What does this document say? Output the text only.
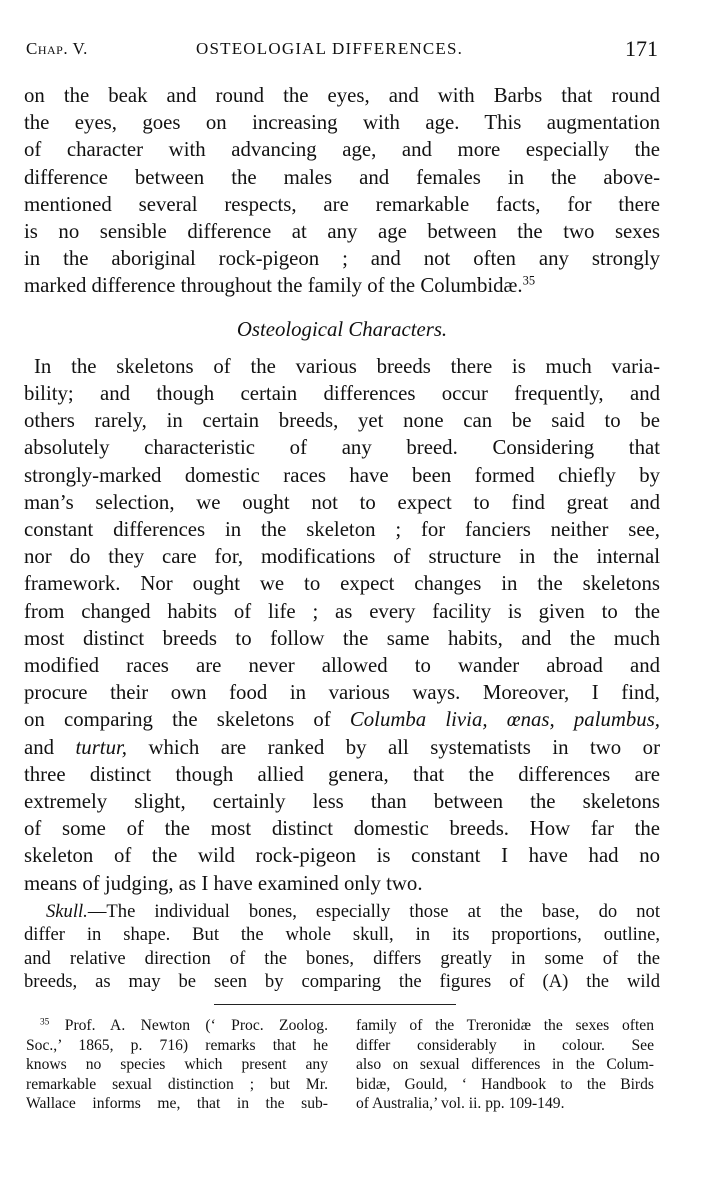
Chap. V.	OSTEOLOGIAL DIFFERENCES.	171
on the beak and round the eyes, and with Barbs that round
the eyes, goes on increasing with age. This augmentation
of character with advancing age, and more especially the
difference between the males and females in the above-
mentioned several respects, are remarkable facts, for there
is no sensible difference at any age between the two sexes
in the aboriginal rock-pigeon ; and not often any strongly
marked difference throughout the family of the Columbidæ.$^{35}$
Osteological Characters.
In the skeletons of the various breeds there is much varia-
bility; and though certain differences occur frequently, and
others rarely, in certain breeds, yet none can be said to be
absolutely characteristic of any breed. Considering that
strongly-marked domestic races have been formed chiefly by
man’s selection, we ought not to expect to find great and
constant differences in the skeleton ; for fanciers neither see,
nor do they care for, modifications of structure in the internal
framework. Nor ought we to expect changes in the skeletons
from changed habits of life ; as every facility is given to the
most distinct breeds to follow the same habits, and the much
modified races are never allowed to wander abroad and
procure their own food in various ways. Moreover, I find,
on comparing the skeletons of Columba livia, œnas, palumbus,
and turtur, which are ranked by all systematists in two or
three distinct though allied genera, that the differences are
extremely slight, certainly less than between the skeletons
of some of the most distinct domestic breeds. How far the
skeleton of the wild rock-pigeon is constant I have had no
means of judging, as I have examined only two.
Skull.—The individual bones, especially those at the base, do not
differ in shape. But the whole skull, in its proportions, outline,
and relative direction of the bones, differs greatly in some of the
breeds, as may be seen by comparing the figures of (A) the wild
$^{35}$ Prof. A. Newton (‘ Proc. Zoolog.
Soc.,’ 1865, p. 716) remarks that he
knows no species which present any
remarkable sexual distinction ; but Mr.
Wallace informs me, that in the sub-
family of the Treronidæ the sexes often
differ considerably in colour. See
also on sexual differences in the Colum-
bidæ, Gould, ‘ Handbook to the Birds
of Australia,’ vol. ii. pp. 109-149.
